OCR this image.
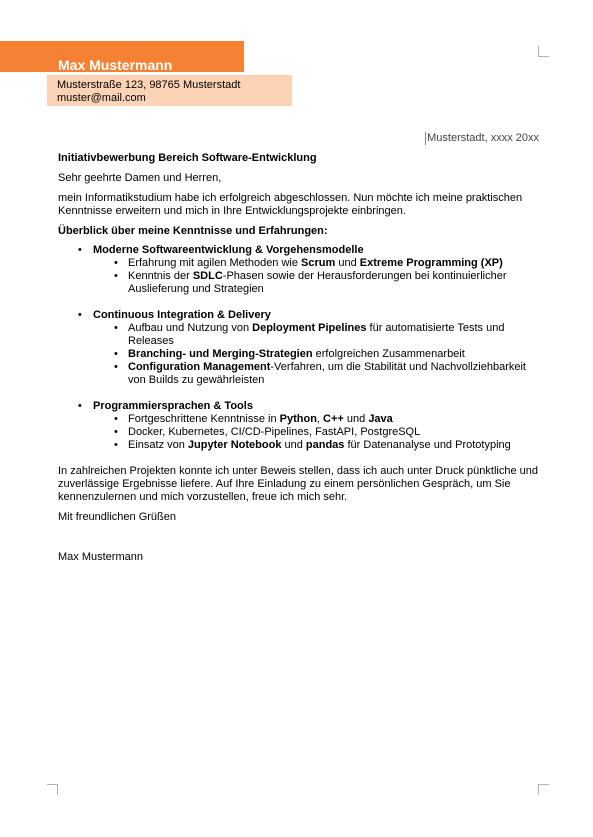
Max Mustermann
Musterstraße 123, 98765 Musterstadt
muster@mail.com
Musterstadt, xxxx 20xx

Initiativbewerbung Bereich Software-Entwicklung

Sehr geehrte Damen und Herren,

mein Informatikstudium habe ich erfolgreich abgeschlossen. Nun möchte ich meine praktischen Kenntnisse erweitern und mich in Ihre Entwicklungsprojekte einbringen.

Überblick über meine Kenntnisse und Erfahrungen:

• Moderne Softwareentwicklung & Vorgehensmodelle
• Erfahrung mit agilen Methoden wie Scrum und Extreme Programming (XP)
• Kenntnis der SDLC-Phasen sowie der Herausforderungen bei kontinuierlicher Auslieferung und Strategien
• Continuous Integration & Delivery
• Aufbau und Nutzung von Deployment Pipelines für automatisierte Tests und Releases
• Branching- und Merging-Strategien erfolgreichen Zusammenarbeit
• Configuration Management-Verfahren, um die Stabilität und Nachvollziehbarkeit von Builds zu gewährleisten
• Programmiersprachen & Tools
• Fortgeschrittene Kenntnisse in Python, C++ und Java
• Docker, Kubernetes, CI/CD-Pipelines, FastAPI, PostgreSQL
• Einsatz von Jupyter Notebook und pandas für Datenanalyse und Prototyping

In zahlreichen Projekten konnte ich unter Beweis stellen, dass ich auch unter Druck pünktliche und zuverlässige Ergebnisse liefere. Auf Ihre Einladung zu einem persönlichen Gespräch, um Sie kennenzulernen und mich vorzustellen, freue ich mich sehr.

Mit freundlichen Grüßen

Max Mustermann
